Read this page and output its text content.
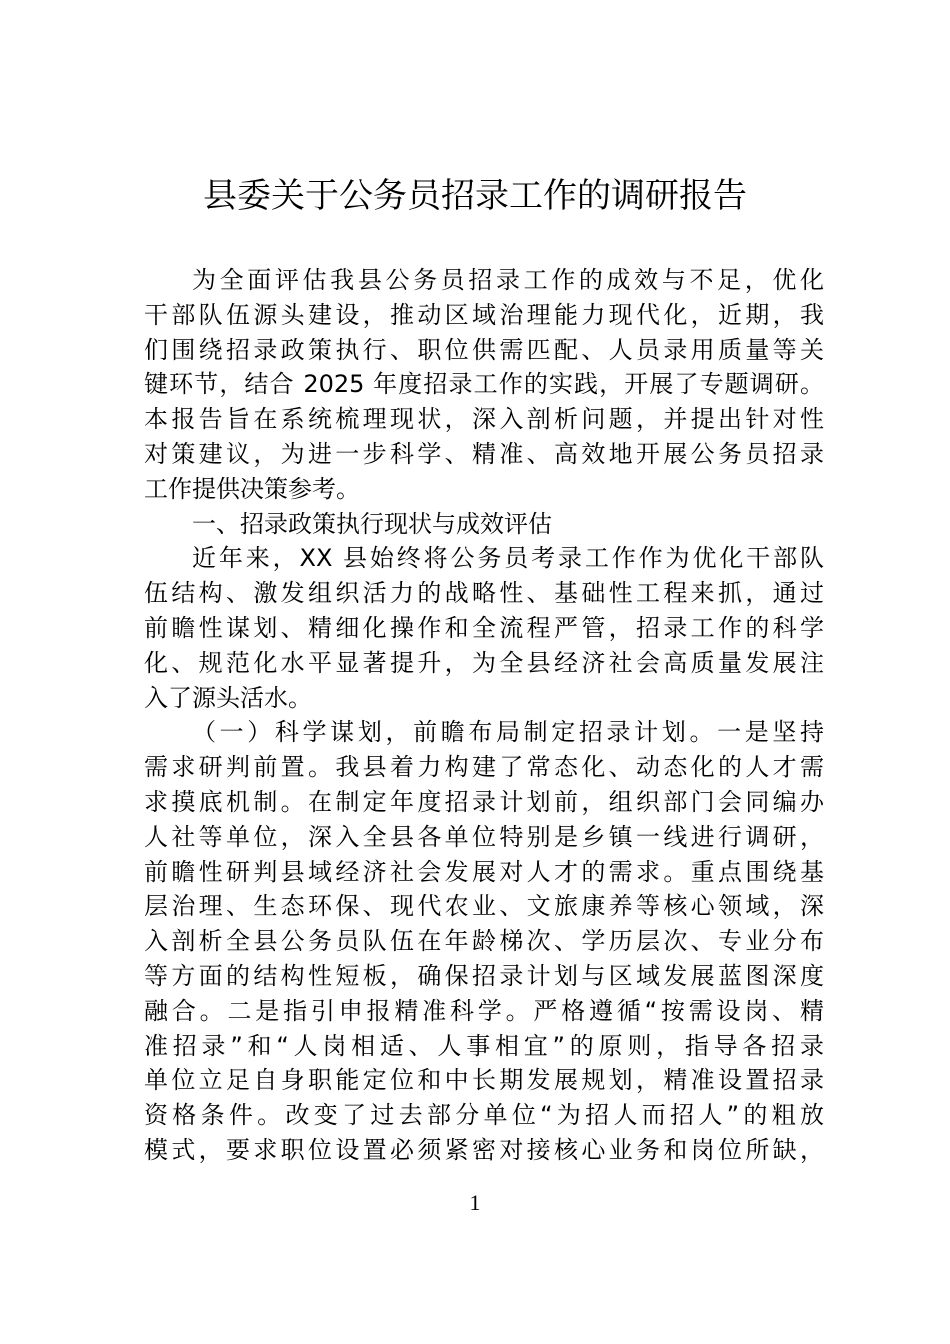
县委关于公务员招录工作的调研报告
为全面评估我县公务员招录工作的成效与不足，优化
干部队伍源头建设，推动区域治理能力现代化，近期，我
们围绕招录政策执行、职位供需匹配、人员录用质量等关
键环节，结合 2025 年度招录工作的实践，开展了专题调研。
本报告旨在系统梳理现状，深入剖析问题，并提出针对性
对策建议，为进一步科学、精准、高效地开展公务员招录
工作提供决策参考。
一、招录政策执行现状与成效评估
近年来，XX 县始终将公务员考录工作作为优化干部队
伍结构、激发组织活力的战略性、基础性工程来抓，通过
前瞻性谋划、精细化操作和全流程严管，招录工作的科学
化、规范化水平显著提升，为全县经济社会高质量发展注
入了源头活水。
（一）科学谋划，前瞻布局制定招录计划。一是坚持
需求研判前置。我县着力构建了常态化、动态化的人才需
求摸底机制。在制定年度招录计划前，组织部门会同编办
人社等单位，深入全县各单位特别是乡镇一线进行调研，
前瞻性研判县域经济社会发展对人才的需求。重点围绕基
层治理、生态环保、现代农业、文旅康养等核心领域，深
入剖析全县公务员队伍在年龄梯次、学历层次、专业分布
等方面的结构性短板，确保招录计划与区域发展蓝图深度
融合。二是指引申报精准科学。严格遵循“按需设岗、精
准招录”和“人岗相适、人事相宜”的原则，指导各招录
单位立足自身职能定位和中长期发展规划，精准设置招录
资格条件。改变了过去部分单位“为招人而招人”的粗放
模式，要求职位设置必须紧密对接核心业务和岗位所缺，
1
